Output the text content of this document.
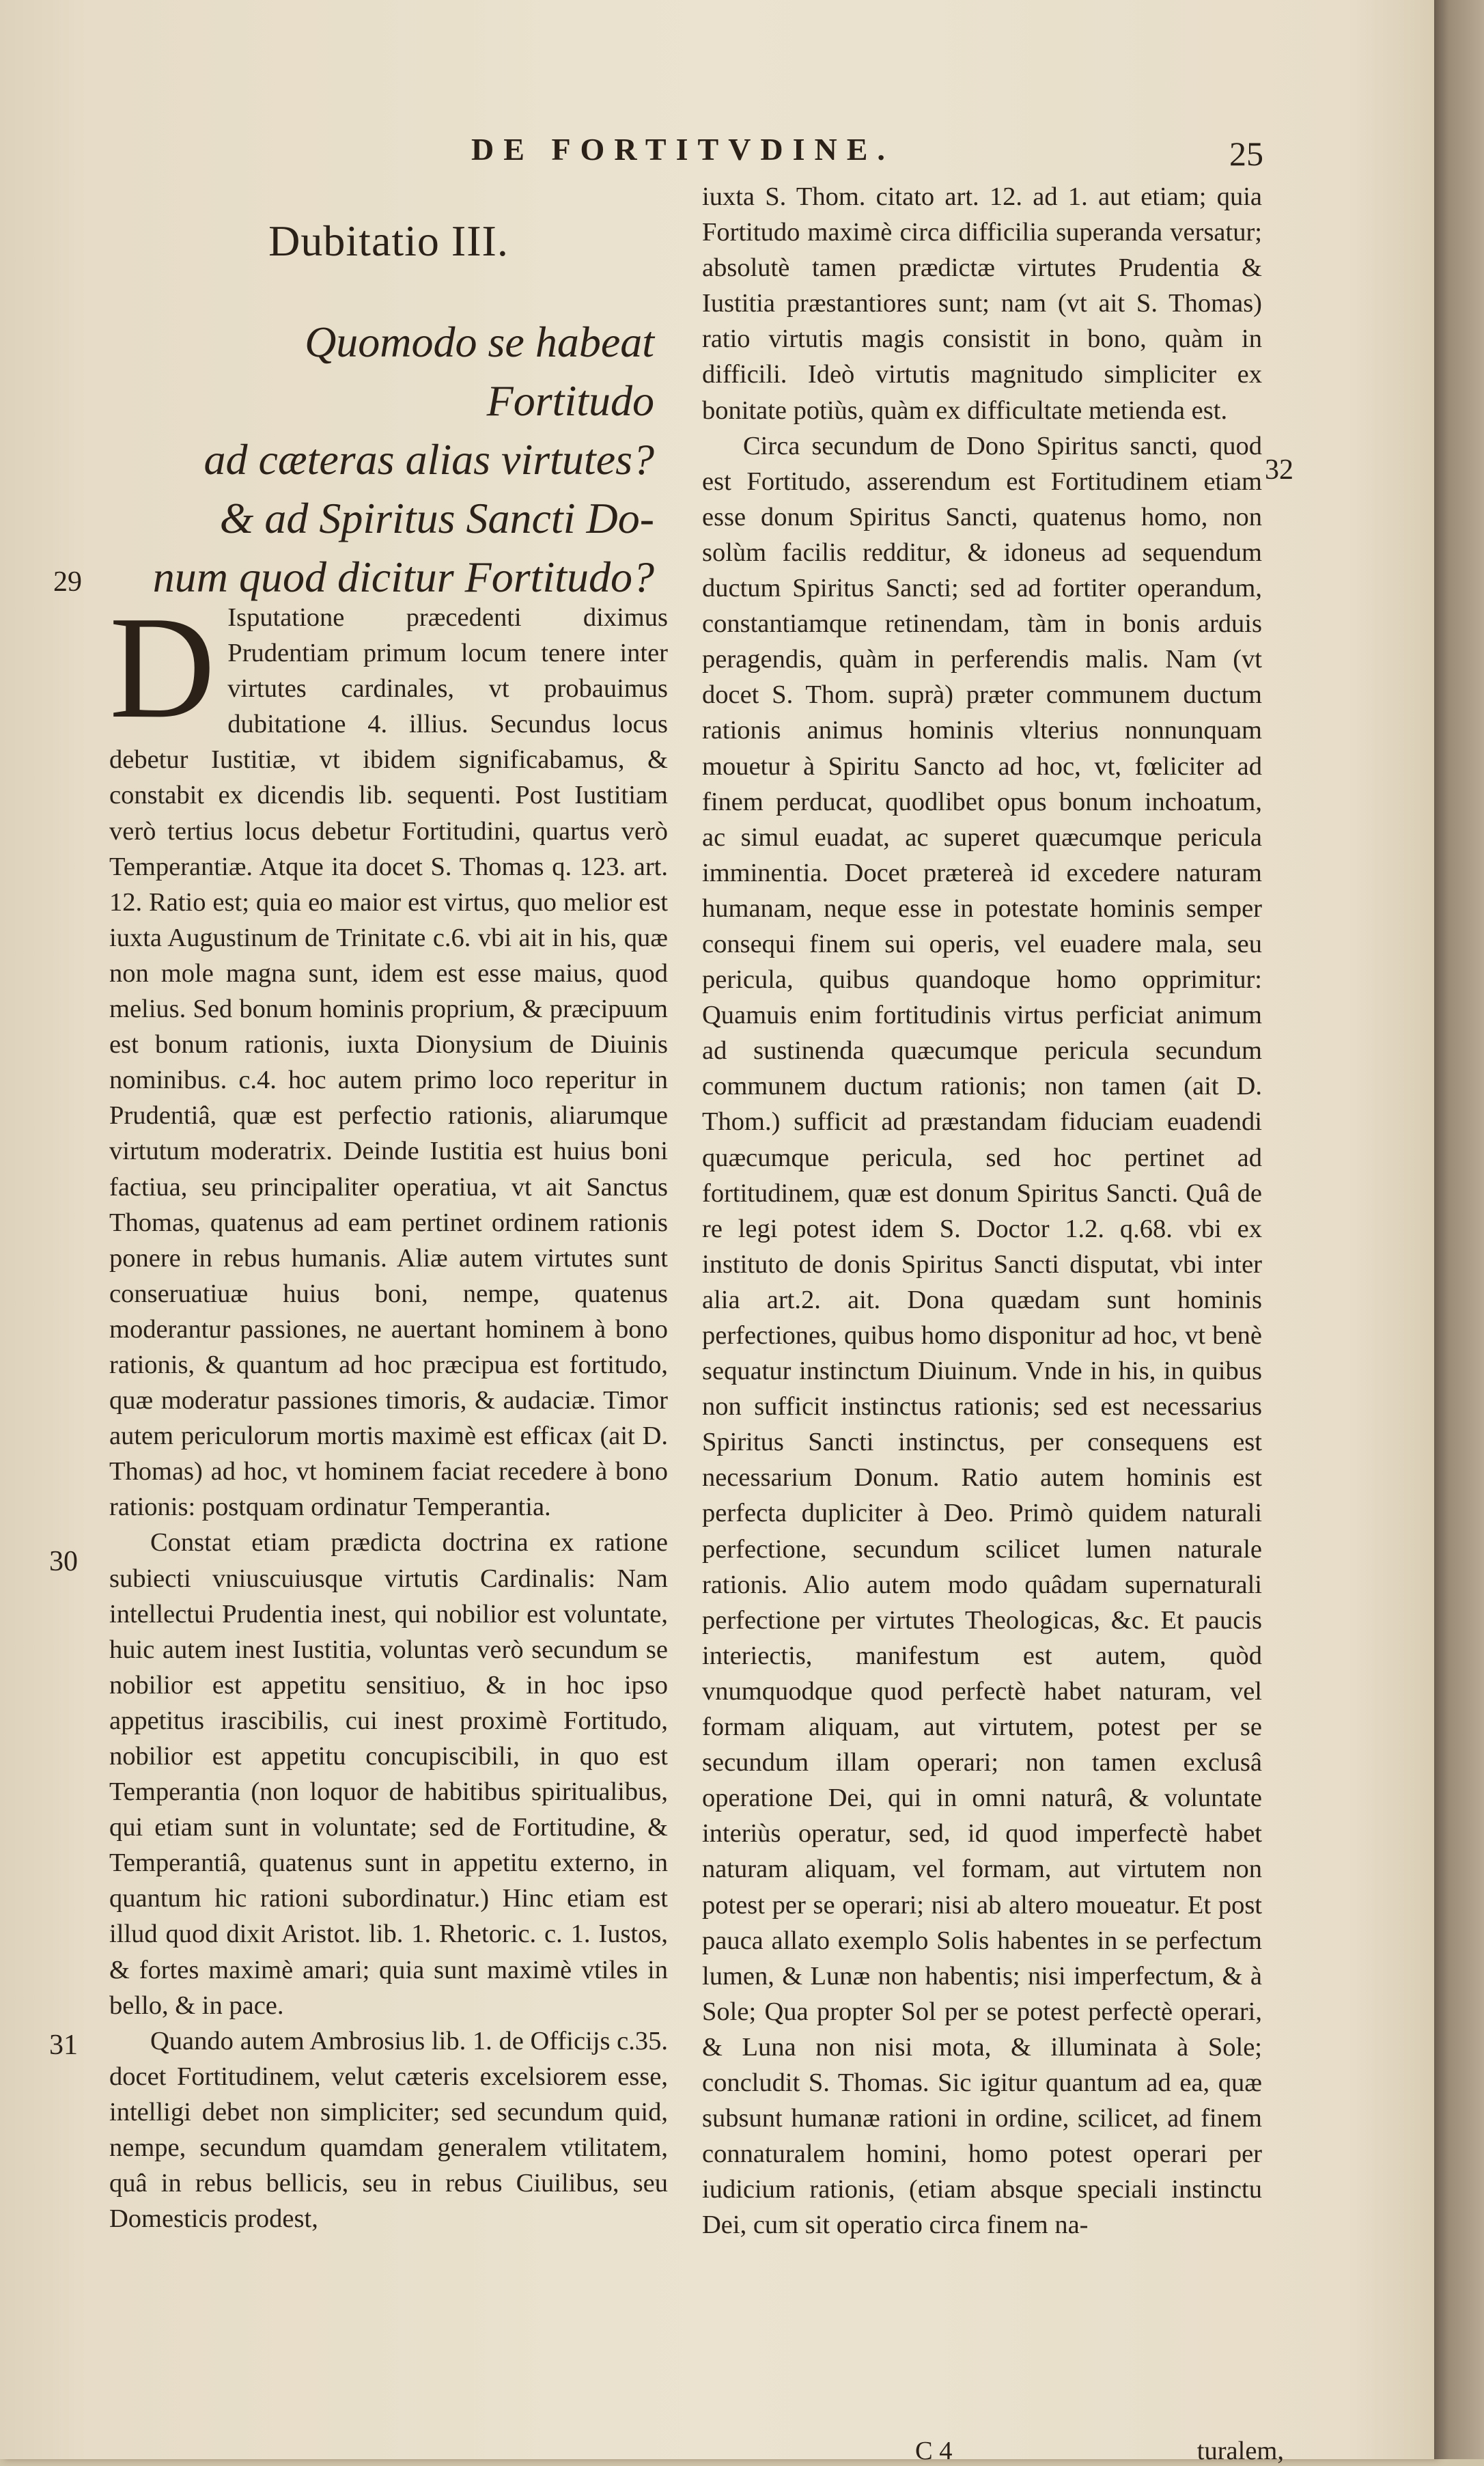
DE FORTITVDINE.	25

Dubitatio III.

Quomodo se habeat Fortitudo

ad cæteras alias virtutes?

& ad Spiritus Sancti Do-

num quod dicitur Fortitudo?

D Isputatione præcedenti diximus Prudentiam primum locum tenere inter virtutes cardinales, vt probauimus dubitatione 4. illius. Secundus locus debetur Iustitiæ, vt ibidem significabamus, & constabit ex dicendis lib. sequenti. Post Iustitiam verò tertius locus debetur Fortitudini, quartus verò Temperantiæ. Atque ita docet S. Thomas q. 123. art. 12. Ratio est; quia eo maior est virtus, quo melior est iuxta Augustinum de Trinitate c.6. vbi ait in his, quæ non mole magna sunt, idem est esse maius, quod melius. Sed bonum hominis proprium, & præcipuum est bonum rationis, iuxta Dionysium de Diuinis nominibus. c.4. hoc autem primo loco reperitur in Prudentiâ, quæ est perfectio rationis, aliarumque virtutum moderatrix. Deinde Iustitia est huius boni factiua, seu principaliter operatiua, vt ait Sanctus Thomas, quatenus ad eam pertinet ordinem rationis ponere in rebus humanis. Aliæ autem virtutes sunt conseruatiuæ huius boni, nempe, quatenus moderantur passiones, ne auertant hominem à bono rationis, & quantum ad hoc præcipua est fortitudo, quæ moderatur passiones timoris, & audaciæ. Timor autem periculorum mortis maximè est efficax (ait D. Thomas) ad hoc, vt hominem faciat recedere à bono rationis: postquam ordinatur Temperantia.

Constat etiam prædicta doctrina ex ratione subiecti vniuscuiusque virtutis Cardinalis: Nam intellectui Prudentia inest, qui nobilior est voluntate, huic autem inest Iustitia, voluntas verò secundum se nobilior est appetitu sensitiuo, & in hoc ipso appetitus irascibilis, cui inest proximè Fortitudo, nobilior est appetitu concupiscibili, in quo est Temperantia (non loquor de habitibus spiritualibus, qui etiam sunt in voluntate; sed de Fortitudine, & Temperantiâ, quatenus sunt in appetitu externo, in quantum hic rationi subordinatur.) Hinc etiam est illud quod dixit Aristot. lib. 1. Rhetoric. c. 1. Iustos, & fortes maximè amari; quia sunt maximè vtiles in bello, & in pace.

Quando autem Ambrosius lib. 1. de Officijs c.35. docet Fortitudinem, velut cæteris excelsiorem esse, intelligi debet non simpliciter; sed secundum quid, nempe, secundum quamdam generalem vtilitatem, quâ in rebus bellicis, seu in rebus Ciuilibus, seu Domesticis prodest,

29
30
31
32

iuxta S. Thom. citato art. 12. ad 1. aut etiam; quia Fortitudo maximè circa difficilia superanda versatur; absolutè tamen prædictæ virtutes Prudentia & Iustitia præstantiores sunt; nam (vt ait S. Thomas) ratio virtutis magis consistit in bono, quàm in difficili. Ideò virtutis magnitudo simpliciter ex bonitate potiùs, quàm ex difficultate metienda est.

Circa secundum de Dono Spiritus sancti, quod est Fortitudo, asserendum est Fortitudinem etiam esse donum Spiritus Sancti, quatenus homo, non solùm facilis redditur, & idoneus ad sequendum ductum Spiritus Sancti; sed ad fortiter operandum, constantiamque retinendam, tàm in bonis arduis peragendis, quàm in perferendis malis. Nam (vt docet S. Thom. suprà) præter communem ductum rationis animus hominis vlterius nonnunquam mouetur à Spiritu Sancto ad hoc, vt, fœliciter ad finem perducat, quodlibet opus bonum inchoatum, ac simul euadat, ac superet quæcumque pericula imminentia. Docet prætereà id excedere naturam humanam, neque esse in potestate hominis semper consequi finem sui operis, vel euadere mala, seu pericula, quibus quandoque homo opprimitur: Quamuis enim fortitudinis virtus perficiat animum ad sustinenda quæcumque pericula secundum communem ductum rationis; non tamen (ait D. Thom.) sufficit ad præstandam fiduciam euadendi quæcumque pericula, sed hoc pertinet ad fortitudinem, quæ est donum Spiritus Sancti. Quâ de re legi potest idem S. Doctor 1.2. q.68. vbi ex instituto de donis Spiritus Sancti disputat, vbi inter alia art.2. ait. Dona quædam sunt hominis perfectiones, quibus homo disponitur ad hoc, vt benè sequatur instinctum Diuinum. Vnde in his, in quibus non sufficit instinctus rationis; sed est necessarius Spiritus Sancti instinctus, per consequens est necessarium Donum. Ratio autem hominis est perfecta dupliciter à Deo. Primò quidem naturali perfectione, secundum scilicet lumen naturale rationis. Alio autem modo quâdam supernaturali perfectione per virtutes Theologicas, &c. Et paucis interiectis, manifestum est autem, quòd vnumquodque quod perfectè habet naturam, vel formam aliquam, aut virtutem, potest per se secundum illam operari; non tamen exclusâ operatione Dei, qui in omni naturâ, & voluntate interiùs operatur, sed, id quod imperfectè habet naturam aliquam, vel formam, aut virtutem non potest per se operari; nisi ab altero moueatur. Et post pauca allato exemplo Solis habentes in se perfectum lumen, & Lunæ non habentis; nisi imperfectum, & à Sole; Qua propter Sol per se potest perfectè operari, & Luna non nisi mota, & illuminata à Sole; concludit S. Thomas. Sic igitur quantum ad ea, quæ subsunt humanæ rationi in ordine, scilicet, ad finem connaturalem homini, homo potest operari per iudicium rationis, (etiam absque speciali instinctu Dei, cum sit operatio circa finem na-

C 4	turalem,
